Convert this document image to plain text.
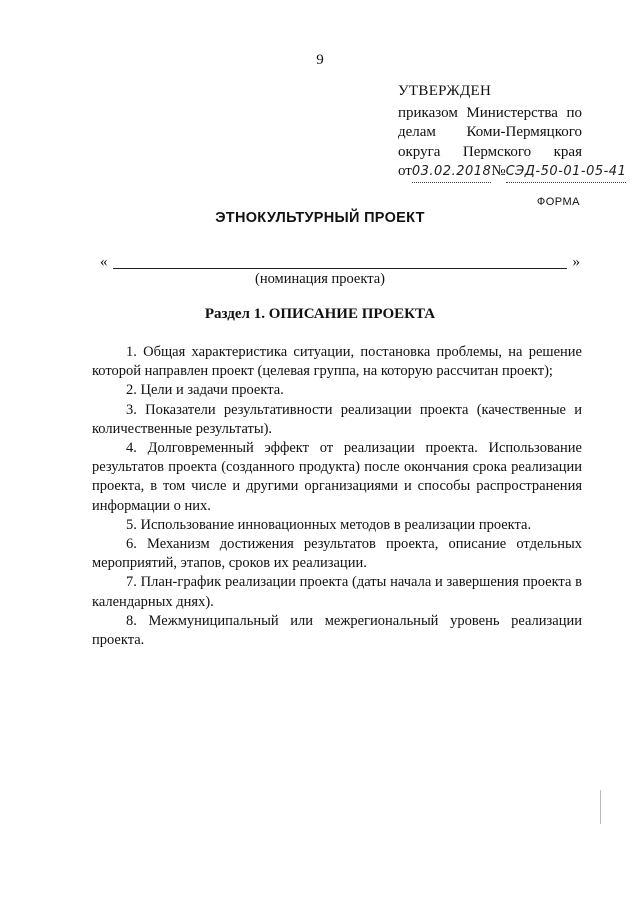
9
УТВЕРЖДЕН
приказом Министерства по
делам Коми-Пермяцкого
округа Пермского края
от 03.02.2018 № СЭД-50-01-05-41
ФОРМА
ЭТНОКУЛЬТУРНЫЙ ПРОЕКТ
«	»
(номинация проекта)
Раздел 1. ОПИСАНИЕ ПРОЕКТА

1. Общая характеристика ситуации, постановка проблемы, на решение которой направлен проект (целевая группа, на которую рассчитан проект);

2. Цели и задачи проекта.

3. Показатели результативности реализации проекта (качественные и количественные результаты).

4. Долговременный эффект от реализации проекта. Использование результатов проекта (созданного продукта) после окончания срока реализации проекта, в том числе и другими организациями и способы распространения информации о них.

5. Использование инновационных методов в реализации проекта.

6. Механизм достижения результатов проекта, описание отдельных мероприятий, этапов, сроков их реализации.

7. План-график реализации проекта (даты начала и завершения проекта в календарных днях).

8. Межмуниципальный или межрегиональный уровень реализации проекта.
